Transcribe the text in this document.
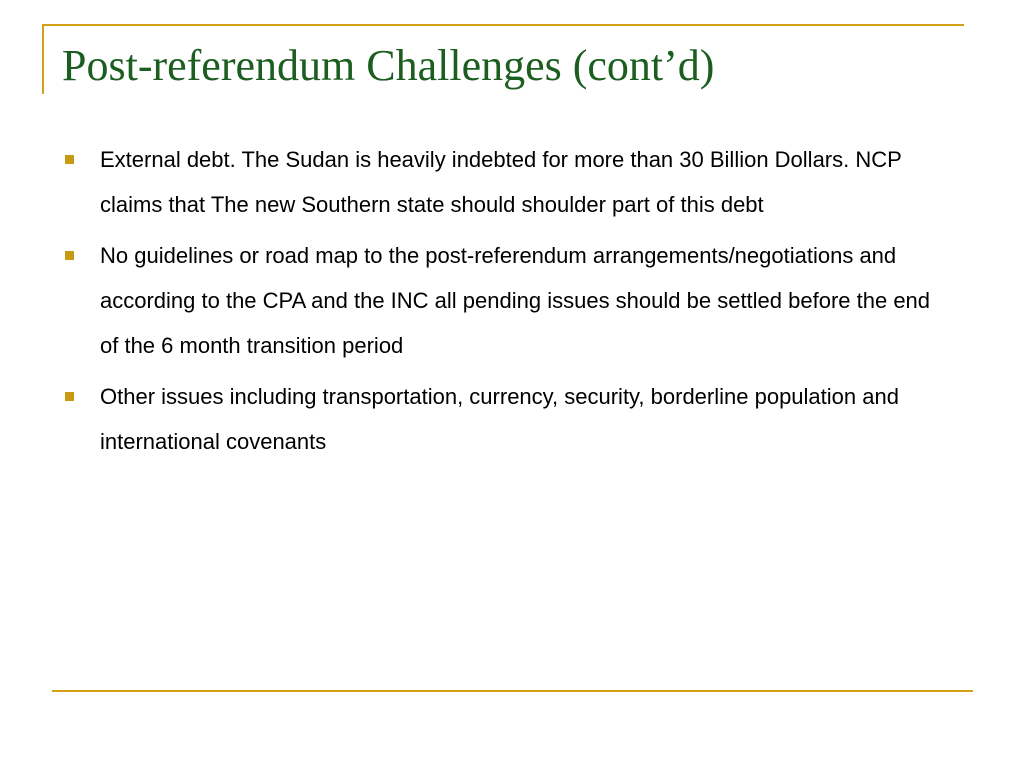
Post-referendum Challenges (cont’d)
External debt. The Sudan is heavily indebted for more than 30 Billion Dollars. NCP claims that The new Southern state should shoulder part of this debt
No guidelines or road map to the post-referendum arrangements/negotiations and according to the CPA and the INC all pending issues should be settled before the end of the 6 month transition period
Other issues including transportation, currency, security, borderline population and international covenants
